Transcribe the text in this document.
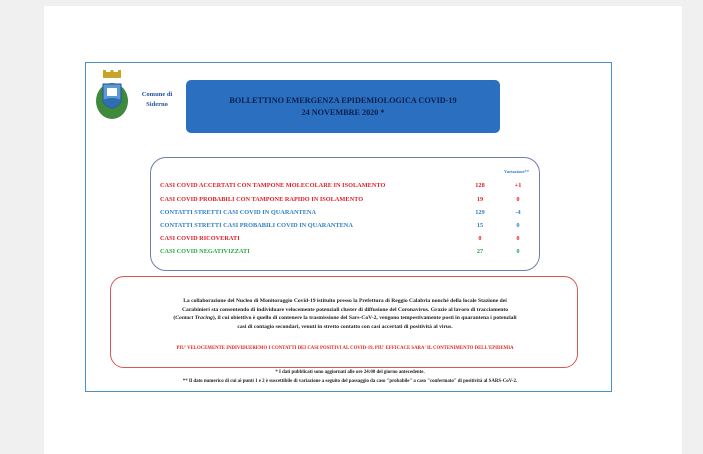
Comune di
Siderno	BOLLETTINO EMERGENZA EPIDEMIOLOGICA COVID-19
24 NOVEMBRE 2020 *
Variazione**
CASI COVID ACCERTATI CON TAMPONE MOLECOLARE IN ISOLAMENTO	128	+1
CASI COVID PROBABILI CON TAMPONE RAPIDO IN ISOLAMENTO	19	0
CONTATTI STRETTI CASI COVID IN QUARANTENA	129	-4
CONTATTI STRETTI CASI PROBABILI COVID IN QUARANTENA	15	0
CASI COVID RICOVERATI	0	0
CASI COVID NEGATIVIZZATI	27	0
La collaborazione del Nucleo di Monitoraggio Covid-19 istituito presso la Prefettura di Reggio Calabria nonché della locale Stazione dei
Carabinieri sta consentendo di individuare velocemente potenziali cluster di diffusione del Coronavirus. Grazie al lavoro di tracciamento
(Contact Tracing), il cui obiettivo è quello di contenere la trasmissione del Sars-CoV-2, vengono tempestivamente posti in quarantena i potenziali
casi di contagio secondari, venuti in stretto contatto con casi accertati di positività al virus.
PIU' VELOCEMENTE INDIVIDUEREMO I CONTATTI DEI CASI POSITIVI AL COVID-19, PIU' EFFICACE SARA' IL CONTENIMENTO DELL'EPIDEMIA
* I dati pubblicati sono aggiornati alle ore 24:00 del giorno antecedente.
** Il dato numerico di cui ai punti 1 e 2 è suscettibile di variazione a seguito del passaggio da caso "probabile" a caso "confermato" di positività al SARS-CoV-2.
